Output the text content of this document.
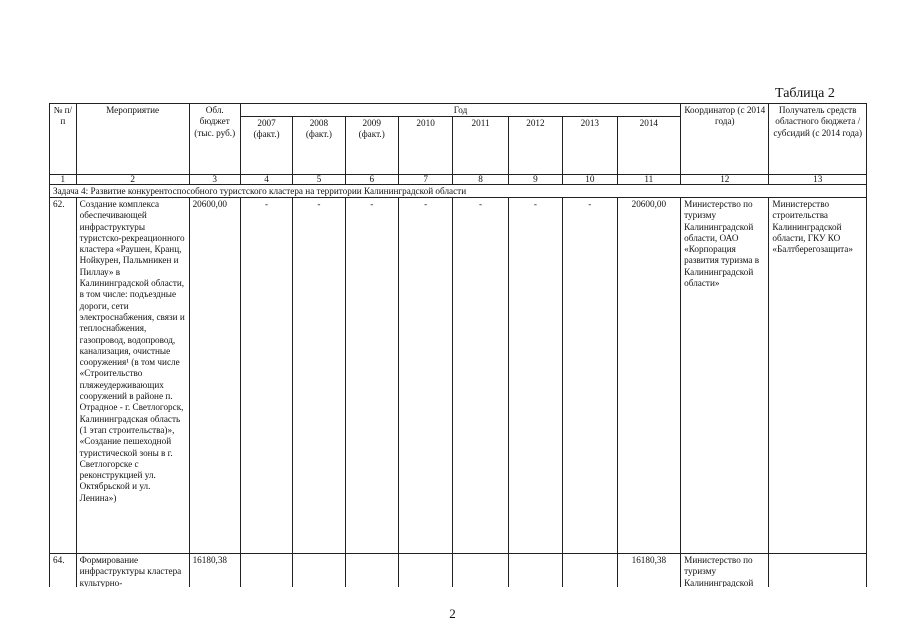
Таблица 2
№ п/п	Мероприятие	Обл. бюджет (тыс. руб.)	Год								Координатор (с 2014 года)	Получатель средств областного бюджета / субсидий (с 2014 года)
			2007 (факт.)	2008 (факт.)	2009 (факт.)	2010	2011	2012	2013	2014		
1	2	3	4	5	6	7	8	9	10	11	12	13
Задача 4: Развитие конкурентоспособного туристского кластера на территории Калининградской области												
62.	Создание комплекса обеспечивающей инфраструктуры туристско-рекреационного кластера «Раушен, Кранц, Нойкурен, Пальмникен и Пиллау» в Калининградской области, в том числе: подъездные дороги, сети электроснабжения, связи и теплоснабжения, газопровод, водопровод, канализация, очистные сооружения¹ (в том числе «Строительство пляжеудерживающих сооружений в районе п. Отрадное - г. Светлогорск, Калининградская область (1 этап строительства)», «Создание пешеходной туристической зоны в г. Светлогорске с реконструкцией ул. Октябрьской и ул. Ленина»)	20600,00	-	-	-	-	-	-	-	20600,00	Министерство по туризму Калининградской области, ОАО «Корпорация развития туризма в Калининградской области»	Министерство строительства Калининградской области, ГКУ КО «Балтберегозащита»
64.	Формирование инфраструктуры кластера культурно-	16180,38								16180,38	Министерство по туризму Калининградской	
2
